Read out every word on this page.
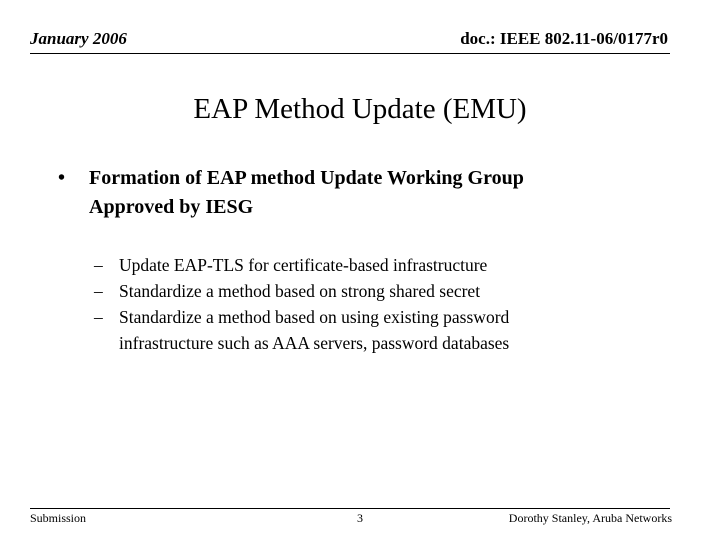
January 2006	doc.: IEEE 802.11-06/0177r0
EAP Method Update (EMU)
• Formation of EAP method Update Working Group
Approved by IESG
– Update EAP-TLS for certificate-based infrastructure
– Standardize a method based on strong shared secret
– Standardize a method based on using existing password
infrastructure such as AAA servers, password databases
Submission	3	Dorothy Stanley, Aruba Networks
